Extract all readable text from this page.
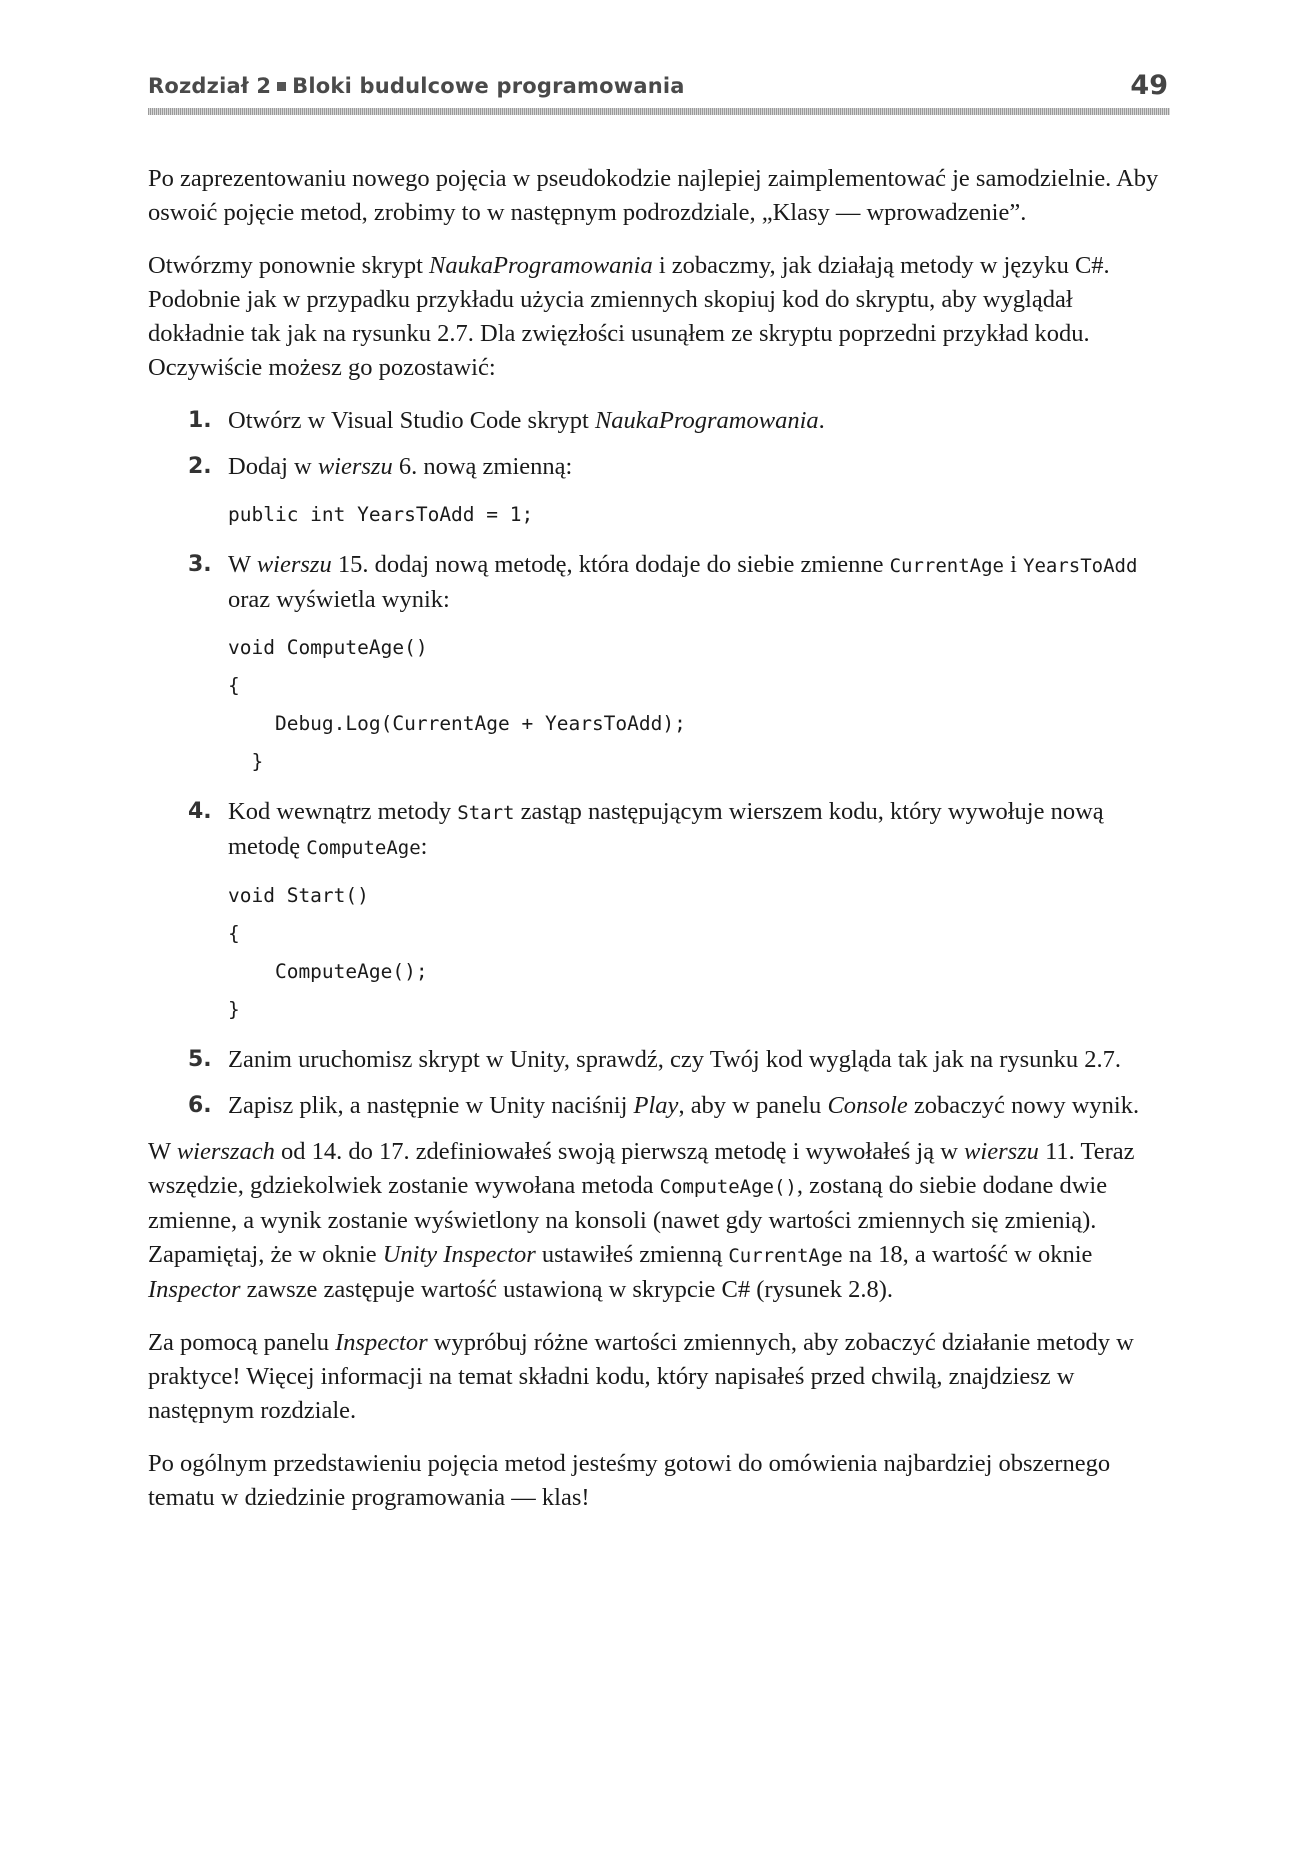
Rozdział 2 Bloki budulcowe programowania	49

Po zaprezentowaniu nowego pojęcia w pseudokodzie najlepiej zaimplementować je samodzielnie. Aby oswoić pojęcie metod, zrobimy to w następnym podrozdziale, „Klasy — wprowadzenie”.

Otwórzmy ponownie skrypt NaukaProgramowania i zobaczmy, jak działają metody w języku C#. Podobnie jak w przypadku przykładu użycia zmiennych skopiuj kod do skryptu, aby wyglądał dokładnie tak jak na rysunku 2.7. Dla zwięzłości usunąłem ze skryptu poprzedni przykład kodu. Oczywiście możesz go pozostawić:

1. Otwórz w Visual Studio Code skrypt NaukaProgramowania.
2. Dodaj w wierszu 6. nową zmienną:
public int YearsToAdd = 1;
3. W wierszu 15. dodaj nową metodę, która dodaje do siebie zmienne CurrentAge i YearsToAdd oraz wyświetla wynik:
void ComputeAge()
{
Debug.Log(CurrentAge + YearsToAdd);
}
4. Kod wewnątrz metody Start zastąp następującym wierszem kodu, który wywołuje nową metodę ComputeAge:
void Start()
{
ComputeAge();
}
5. Zanim uruchomisz skrypt w Unity, sprawdź, czy Twój kod wygląda tak jak na rysunku 2.7.
6. Zapisz plik, a następnie w Unity naciśnij Play, aby w panelu Console zobaczyć nowy wynik.

W wierszach od 14. do 17. zdefiniowałeś swoją pierwszą metodę i wywołałeś ją w wierszu 11. Teraz wszędzie, gdziekolwiek zostanie wywołana metoda ComputeAge(), zostaną do siebie dodane dwie zmienne, a wynik zostanie wyświetlony na konsoli (nawet gdy wartości zmiennych się zmienią). Zapamiętaj, że w oknie Unity Inspector ustawiłeś zmienną CurrentAge na 18, a wartość w oknie Inspector zawsze zastępuje wartość ustawioną w skrypcie C# (rysunek 2.8).

Za pomocą panelu Inspector wypróbuj różne wartości zmiennych, aby zobaczyć działanie metody w praktyce! Więcej informacji na temat składni kodu, który napisałeś przed chwilą, znajdziesz w następnym rozdziale.

Po ogólnym przedstawieniu pojęcia metod jesteśmy gotowi do omówienia najbardziej obszernego tematu w dziedzinie programowania — klas!
